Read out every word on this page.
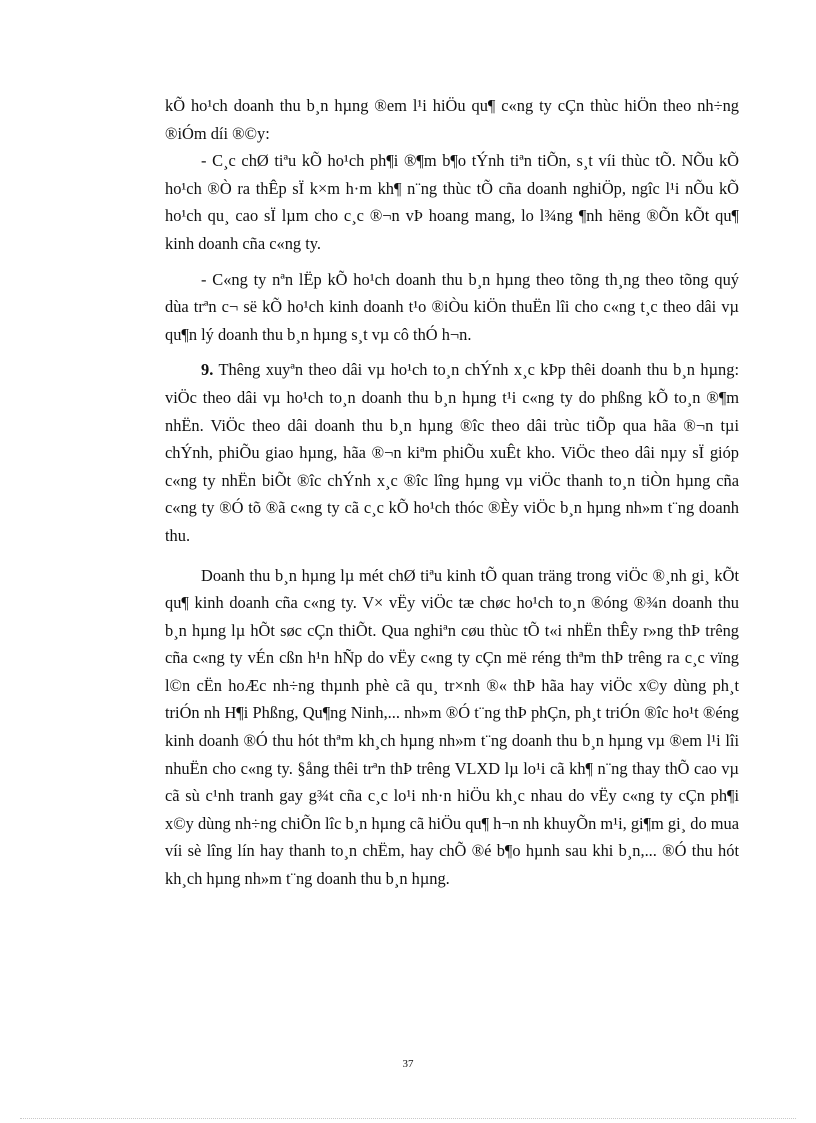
kÕ ho¹ch doanh thu b¸n hµng ®em l¹i hiÖu qu¶ c«ng ty cÇn thùc hiÖn theo nh÷ng ®iÓm díi ®©y:

- C¸c chØ tiªu kÕ ho¹ch ph¶i ®¶m b¶o tÝnh tiªn tiÕn, s¸t víi thùc tÕ. NÕu kÕ ho¹ch ®Ò ra thÊp sÏ k×m h·m kh¶ n¨ng thùc tÕ cña doanh nghiÖp, ngîc l¹i nÕu kÕ ho¹ch qu¸ cao sÏ lµm cho c¸c ®¬n vÞ hoang mang, lo l¾ng ¶nh hëng ®Õn kÕt qu¶ kinh doanh cña c«ng ty.

- C«ng ty nªn lËp kÕ ho¹ch doanh thu b¸n hµng theo tõng th¸ng theo tõng quý dùa trªn c¬ së kÕ ho¹ch kinh doanh t¹o ®iÒu kiÖn thuËn lîi cho c«ng t¸c theo dâi vµ qu¶n lý doanh thu b¸n hµng s¸t vµ cô thÓ h¬n.

9. Thêng xuyªn theo dâi vµ ho¹ch to¸n chÝnh x¸c kÞp thêi doanh thu b¸n hµng: viÖc theo dâi vµ ho¹ch to¸n doanh thu b¸n hµng t¹i c«ng ty do phßng kÕ to¸n ®¶m nhËn. ViÖc theo dâi doanh thu b¸n hµng ®îc theo dâi trùc tiÕp qua hãa ®¬n tµi chÝnh, phiÕu giao hµng, hãa ®¬n kiªm phiÕu xuÊt kho. ViÖc theo dâi nµy sÏ gióp c«ng ty nhËn biÕt ®îc chÝnh x¸c ®îc lîng hµng vµ viÖc thanh to¸n tiÒn hµng cña c«ng ty ®Ó tõ ®ã c«ng ty cã c¸c kÕ ho¹ch thóc ®Èy viÖc b¸n hµng nh»m t¨ng doanh thu.

Doanh thu b¸n hµng lµ mét chØ tiªu kinh tÕ quan träng trong viÖc ®¸nh gi¸ kÕt qu¶ kinh doanh cña c«ng ty. V× vËy viÖc tæ chøc ho¹ch to¸n ®óng ®¾n doanh thu b¸n hµng lµ hÕt søc cÇn thiÕt. Qua nghiªn cøu thùc tÕ t«i nhËn thÊy r»ng thÞ trêng cña c«ng ty vÉn cßn h¹n hÑp do vËy c«ng ty cÇn më réng thªm thÞ trêng ra c¸c vïng l©n cËn hoÆc nh÷ng thµnh phè cã qu¸ tr×nh ®« thÞ hãa hay viÖc x©y dùng ph¸t triÓn nh H¶i Phßng, Qu¶ng Ninh,... nh»m ®Ó t¨ng thÞ phÇn, ph¸t triÓn ®îc ho¹t ®éng kinh doanh ®Ó thu hót thªm kh¸ch hµng nh»m t¨ng doanh thu b¸n hµng vµ ®em l¹i lîi nhuËn cho c«ng ty. §ång thêi trªn thÞ trêng VLXD lµ lo¹i cã kh¶ n¨ng thay thÕ cao vµ cã sù c¹nh tranh gay g¾t cña c¸c lo¹i nh·n hiÖu kh¸c nhau do vËy c«ng ty cÇn ph¶i x©y dùng nh÷ng chiÕn lîc b¸n hµng cã hiÖu qu¶ h¬n nh khuyÕn m¹i, gi¶m gi¸ do mua víi sè lîng lín hay thanh to¸n chËm, hay chÕ ®é b¶o hµnh sau khi b¸n,... ®Ó thu hót kh¸ch hµng nh»m t¨ng doanh thu b¸n hµng.

37
